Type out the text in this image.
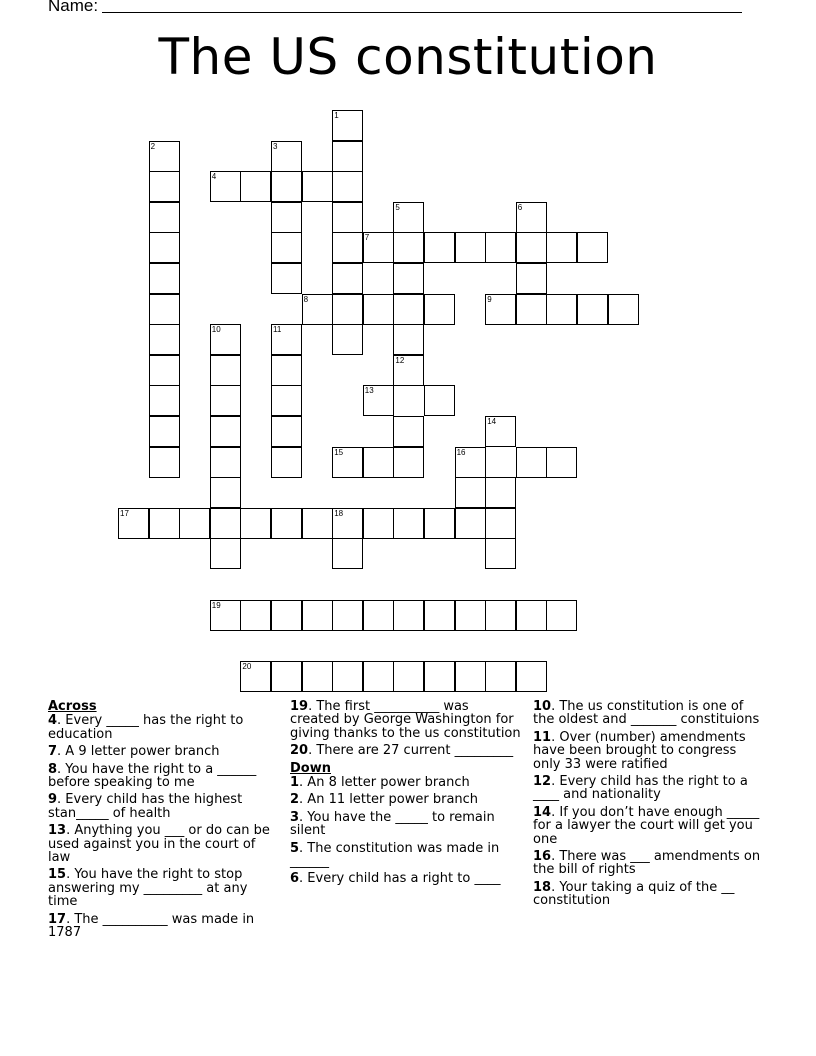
Name:
The US constitution
1
2	3
4
5	6
7
8	9
10	11
12
13
14
15	16
17	18
19
20
Across
4. Every _____ has the right to education
7. A 9 letter power branch
8. You have the right to a ______ before speaking to me
9. Every child has the highest stan_____ of health
13. Anything you ___ or do can be used against you in the court of law
15. You have the right to stop answering my _________ at any time
17. The __________ was made in 1787
19. The first __________ was created by George Washington for giving thanks to the us constitution
20. There are 27 current _________
Down
1. An 8 letter power branch
2. An 11 letter power branch
3. You have the _____ to remain silent
5. The constitution was made in ______
6. Every child has a right to ____
10. The us constitution is one of the oldest and _______ constituions
11. Over (number) amendments have been brought to congress only 33 were ratified
12. Every child has the right to a ____ and nationality
14. If you don’t have enough _____ for a lawyer the court will get you one
16. There was ___ amendments on the bill of rights
18. Your taking a quiz of the __ constitution
